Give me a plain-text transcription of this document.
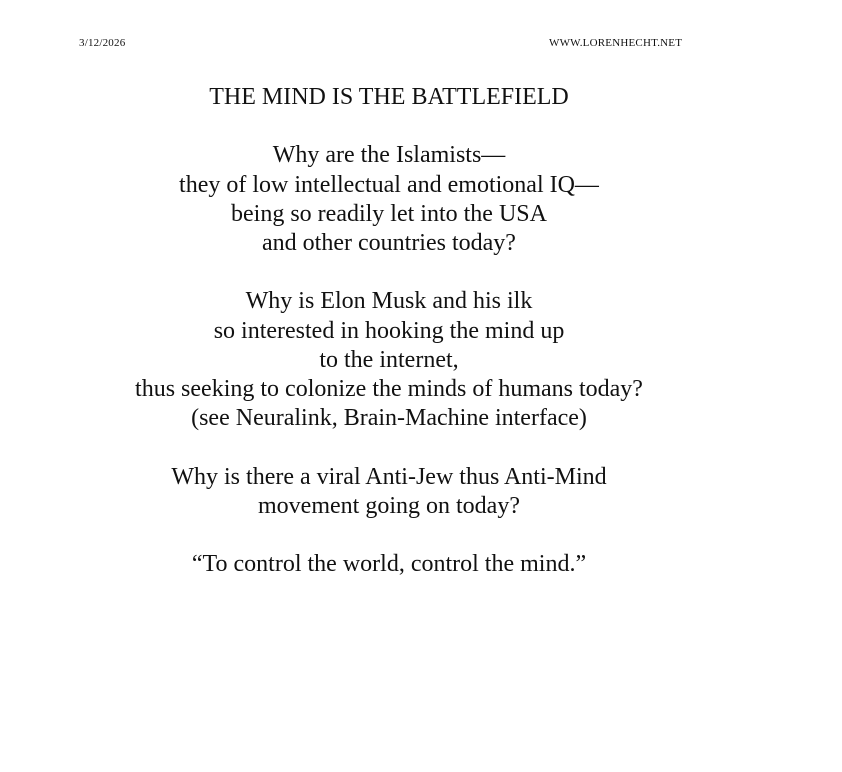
3/12/2026	WWW.LORENHECHT.NET
THE MIND IS THE BATTLEFIELD
Why are the Islamists—
they of low intellectual and emotional IQ—
being so readily let into the USA
and other countries today?
Why is Elon Musk and his ilk
so interested in hooking the mind up
to the internet,
thus seeking to colonize the minds of humans today?
(see Neuralink, Brain-Machine interface)
Why is there a viral Anti-Jew thus Anti-Mind
movement going on today?
“To control the world, control the mind.”
